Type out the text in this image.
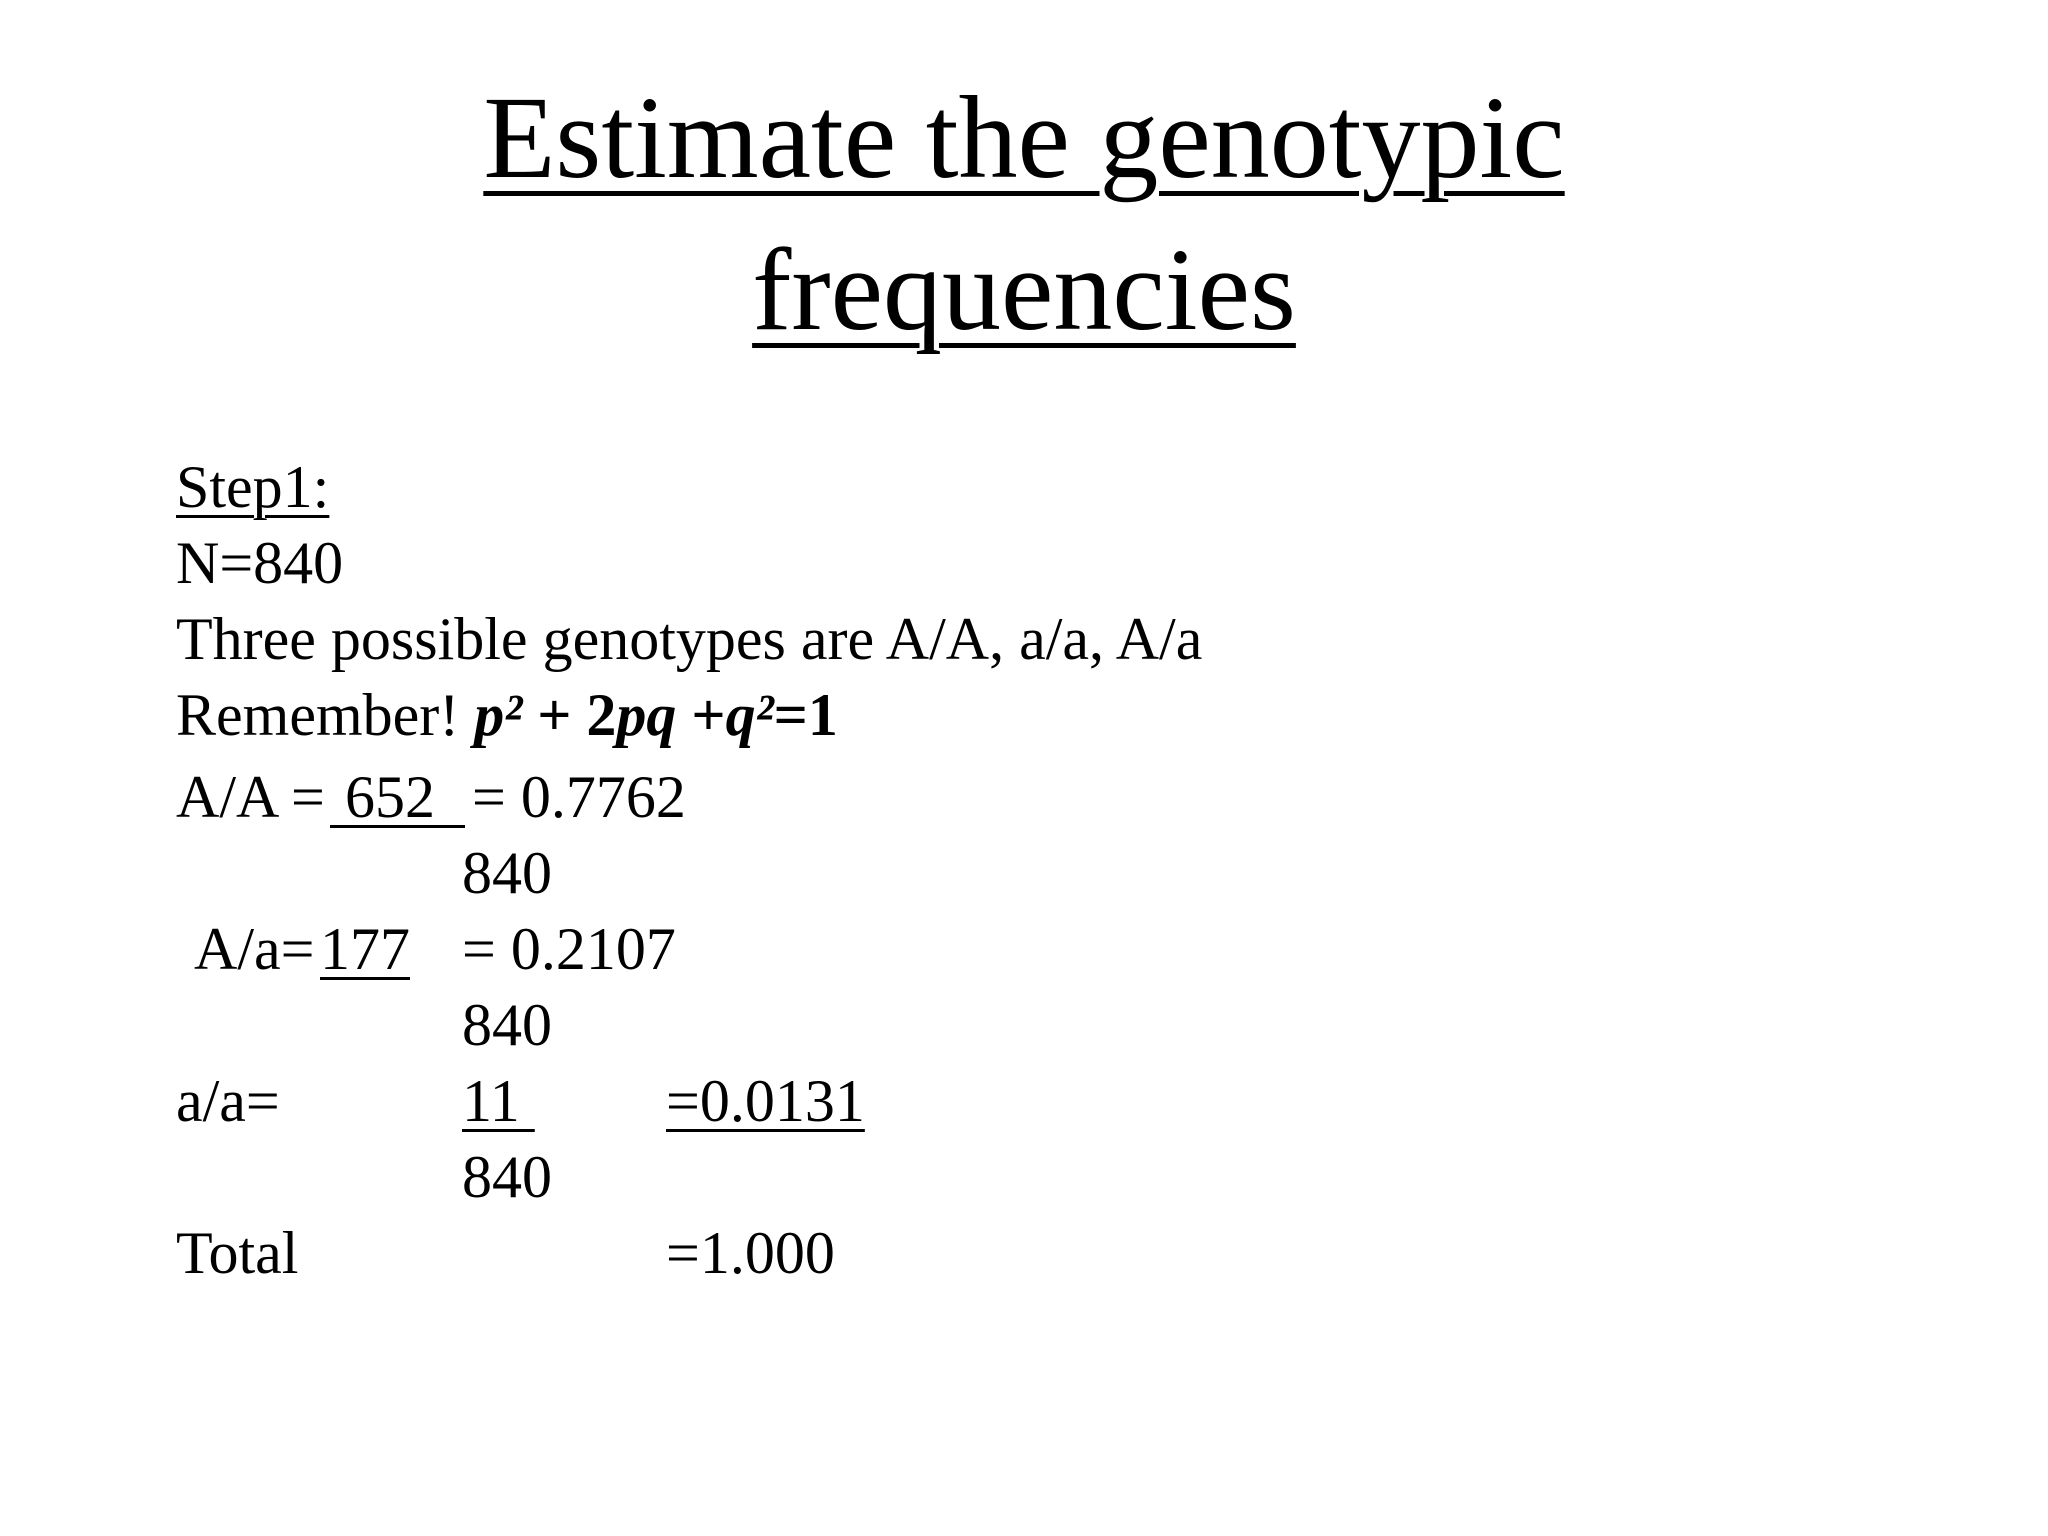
Estimate the genotypic
frequencies
Step1:
N=840
Three possible genotypes are A/A, a/a, A/a
Remember! p² + 2pq +q²=1
A/A = 652 = 0.7762
840
A/a= 177 = 0.2107
840
a/a=	11 =0.0131
840
Total	=1.000
